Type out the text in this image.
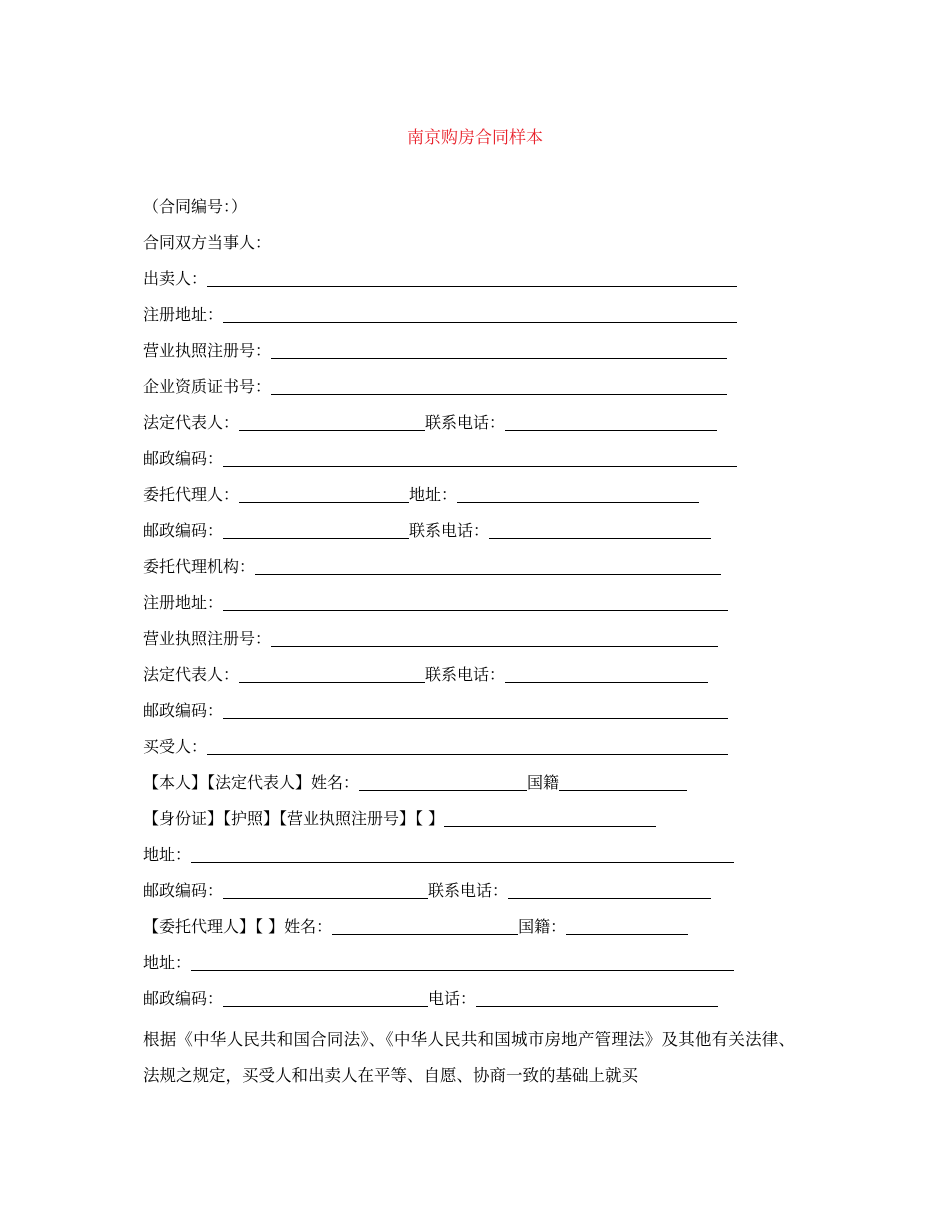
南京购房合同样本
（合同编号：）
合同双方当事人：
出卖人：
注册地址：
营业执照注册号：
企业资质证书号：
法定代表人：	联系电话：
邮政编码：
委托代理人：	地址：
邮政编码：	联系电话：
委托代理机构：
注册地址：
营业执照注册号：
法定代表人：	联系电话：
邮政编码：
买受人：
【本人】【法定代表人】姓名：	国籍
【身份证】【护照】【营业执照注册号】【 】
地址：
邮政编码：	联系电话：
【委托代理人】【 】姓名：	国籍：
地址：
邮政编码：	电话：
根据《中华人民共和国合同法》、《中华人民共和国城市房地产管理法》及其他有关法律、法规之规定，买受人和出卖人在平等、自愿、协商一致的基础上就买
